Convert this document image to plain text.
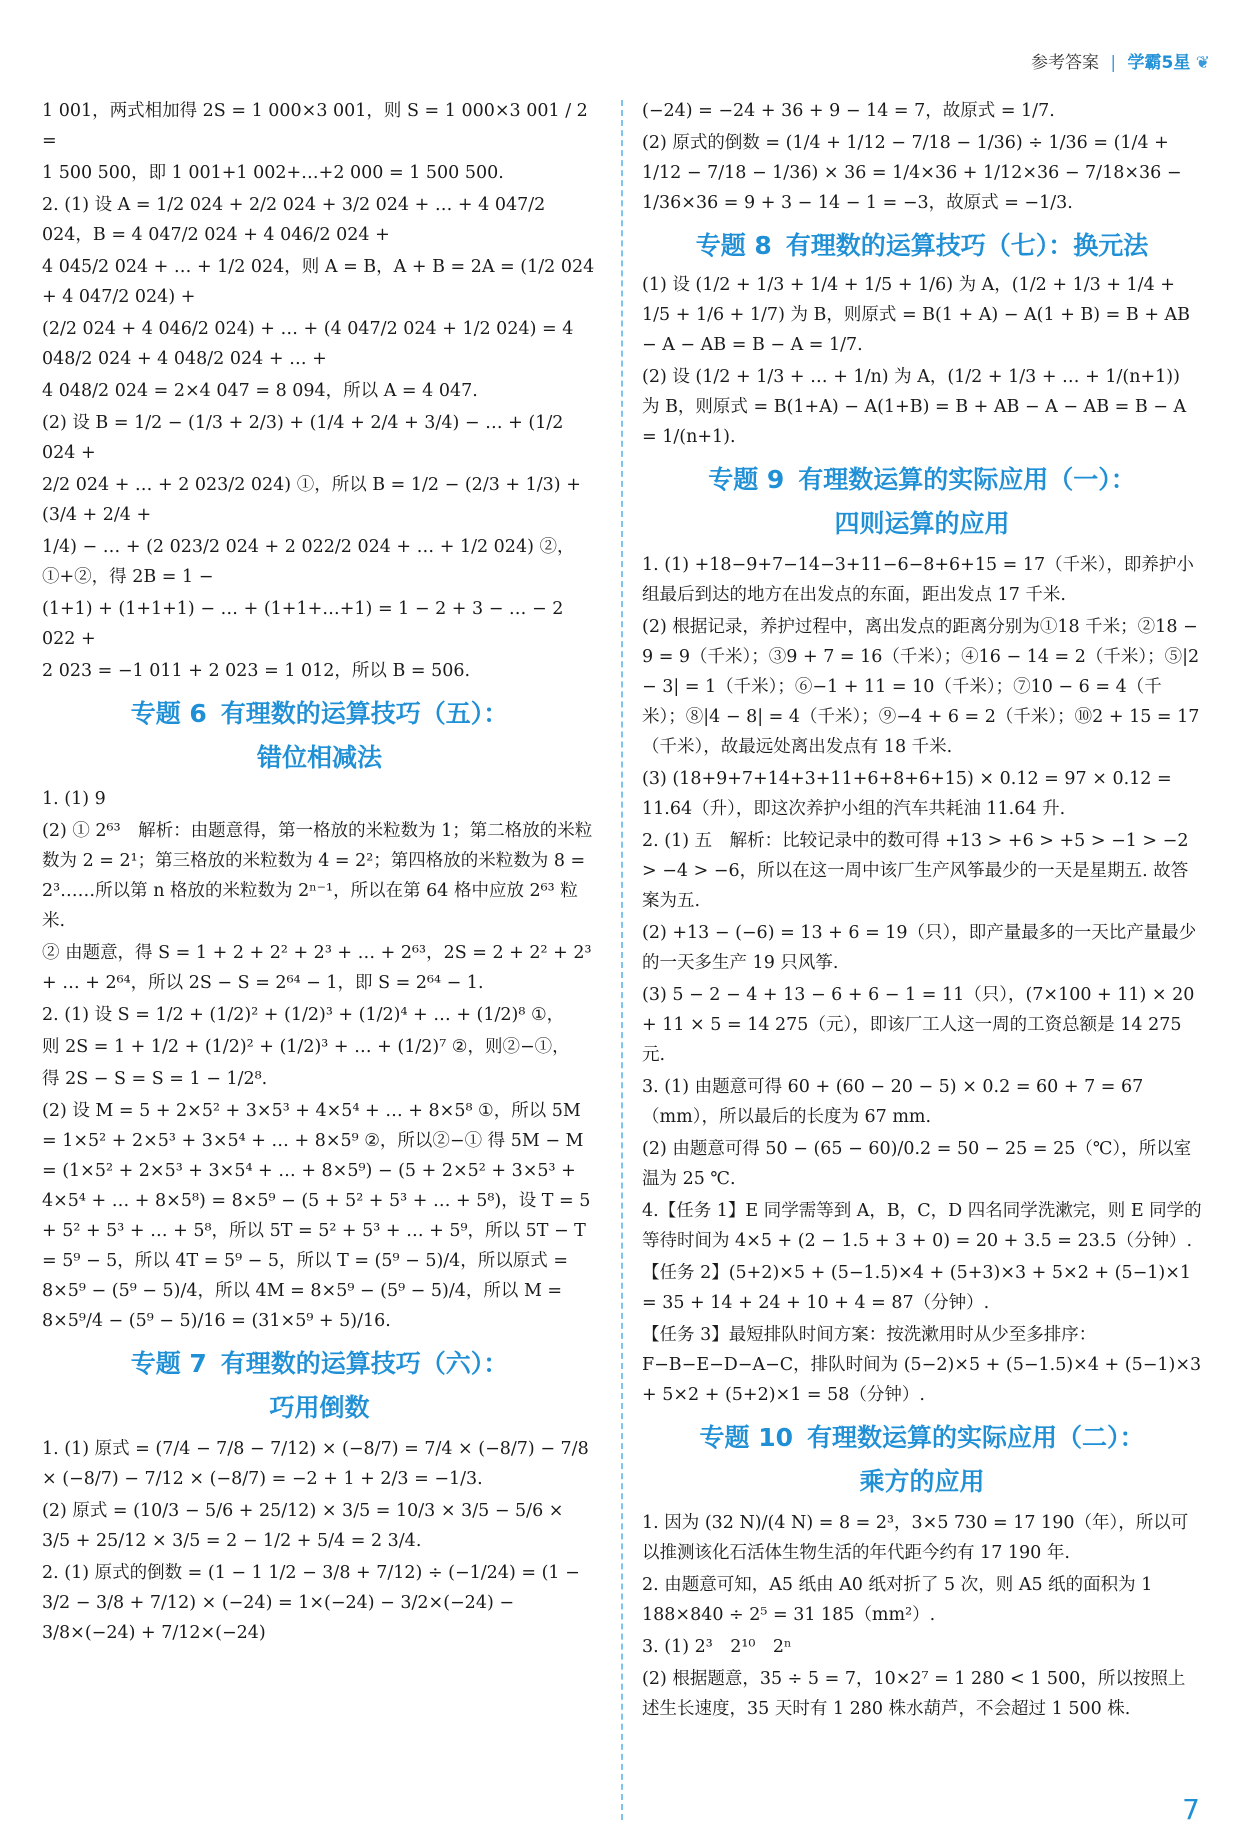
参考答案 | 学霸5星 ❦

1 001，两式相加得 2S = 1 000×3 001，则 S = 1 000×3 001 / 2 =

1 500 500，即 1 001+1 002+…+2 000 = 1 500 500.

2. (1) 设 A = 1/2 024 + 2/2 024 + 3/2 024 + … + 4 047/2 024，B = 4 047/2 024 + 4 046/2 024 +

4 045/2 024 + … + 1/2 024，则 A = B，A + B = 2A = (1/2 024 + 4 047/2 024) +

(2/2 024 + 4 046/2 024) + … + (4 047/2 024 + 1/2 024) = 4 048/2 024 + 4 048/2 024 + … +

4 048/2 024 = 2×4 047 = 8 094，所以 A = 4 047.

(2) 设 B = 1/2 − (1/3 + 2/3) + (1/4 + 2/4 + 3/4) − … + (1/2 024 +

2/2 024 + … + 2 023/2 024) ①，所以 B = 1/2 − (2/3 + 1/3) + (3/4 + 2/4 +

1/4) − … + (2 023/2 024 + 2 022/2 024 + … + 1/2 024) ②，①+②，得 2B = 1 −

(1+1) + (1+1+1) − … + (1+1+…+1) = 1 − 2 + 3 − … − 2 022 +

2 023 = −1 011 + 2 023 = 1 012，所以 B = 506.

专题 6 有理数的运算技巧（五）：
错位相减法

1. (1) 9

(2) ① 2⁶³　解析：由题意得，第一格放的米粒数为 1；第二格放的米粒数为 2 = 2¹；第三格放的米粒数为 4 = 2²；第四格放的米粒数为 8 = 2³……所以第 n 格放的米粒数为 2ⁿ⁻¹，所以在第 64 格中应放 2⁶³ 粒米.

② 由题意，得 S = 1 + 2 + 2² + 2³ + … + 2⁶³，2S = 2 + 2² + 2³ + … + 2⁶⁴，所以 2S − S = 2⁶⁴ − 1，即 S = 2⁶⁴ − 1.

2. (1) 设 S = 1/2 + (1/2)² + (1/2)³ + (1/2)⁴ + … + (1/2)⁸ ①，

则 2S = 1 + 1/2 + (1/2)² + (1/2)³ + … + (1/2)⁷ ②，则②−①，

得 2S − S = S = 1 − 1/2⁸.

(2) 设 M = 5 + 2×5² + 3×5³ + 4×5⁴ + … + 8×5⁸ ①，所以 5M = 1×5² + 2×5³ + 3×5⁴ + … + 8×5⁹ ②，所以②−① 得 5M − M = (1×5² + 2×5³ + 3×5⁴ + … + 8×5⁹) − (5 + 2×5² + 3×5³ + 4×5⁴ + … + 8×5⁸) = 8×5⁹ − (5 + 5² + 5³ + … + 5⁸)，设 T = 5 + 5² + 5³ + … + 5⁸，所以 5T = 5² + 5³ + … + 5⁹，所以 5T − T = 5⁹ − 5，所以 4T = 5⁹ − 5，所以 T = (5⁹ − 5)/4，所以原式 = 8×5⁹ − (5⁹ − 5)/4，所以 4M = 8×5⁹ − (5⁹ − 5)/4，所以 M = 8×5⁹/4 − (5⁹ − 5)/16 = (31×5⁹ + 5)/16.

专题 7 有理数的运算技巧（六）：
巧用倒数

1. (1) 原式 = (7/4 − 7/8 − 7/12) × (−8/7) = 7/4 × (−8/7) − 7/8 × (−8/7) − 7/12 × (−8/7) = −2 + 1 + 2/3 = −1/3.

(2) 原式 = (10/3 − 5/6 + 25/12) × 3/5 = 10/3 × 3/5 − 5/6 × 3/5 + 25/12 × 3/5 = 2 − 1/2 + 5/4 = 2 3/4.

2. (1) 原式的倒数 = (1 − 1 1/2 − 3/8 + 7/12) ÷ (−1/24) = (1 − 3/2 − 3/8 + 7/12) × (−24) = 1×(−24) − 3/2×(−24) − 3/8×(−24) + 7/12×(−24)

(−24) = −24 + 36 + 9 − 14 = 7，故原式 = 1/7.

(2) 原式的倒数 = (1/4 + 1/12 − 7/18 − 1/36) ÷ 1/36 = (1/4 + 1/12 − 7/18 − 1/36) × 36 = 1/4×36 + 1/12×36 − 7/18×36 − 1/36×36 = 9 + 3 − 14 − 1 = −3，故原式 = −1/3.

专题 8 有理数的运算技巧（七）：换元法

(1) 设 (1/2 + 1/3 + 1/4 + 1/5 + 1/6) 为 A，(1/2 + 1/3 + 1/4 + 1/5 + 1/6 + 1/7) 为 B，则原式 = B(1 + A) − A(1 + B) = B + AB − A − AB = B − A = 1/7.

(2) 设 (1/2 + 1/3 + … + 1/n) 为 A，(1/2 + 1/3 + … + 1/(n+1)) 为 B，则原式 = B(1+A) − A(1+B) = B + AB − A − AB = B − A = 1/(n+1).

专题 9 有理数运算的实际应用（一）：
四则运算的应用

1. (1) +18−9+7−14−3+11−6−8+6+15 = 17（千米），即养护小组最后到达的地方在出发点的东面，距出发点 17 千米.

(2) 根据记录，养护过程中，离出发点的距离分别为①18 千米；②18 − 9 = 9（千米）；③9 + 7 = 16（千米）；④16 − 14 = 2（千米）；⑤|2 − 3| = 1（千米）；⑥−1 + 11 = 10（千米）；⑦10 − 6 = 4（千米）；⑧|4 − 8| = 4（千米）；⑨−4 + 6 = 2（千米）；⑩2 + 15 = 17（千米），故最远处离出发点有 18 千米.

(3) (18+9+7+14+3+11+6+8+6+15) × 0.12 = 97 × 0.12 = 11.64（升），即这次养护小组的汽车共耗油 11.64 升.

2. (1) 五　解析：比较记录中的数可得 +13 > +6 > +5 > −1 > −2 > −4 > −6，所以在这一周中该厂生产风筝最少的一天是星期五. 故答案为五.

(2) +13 − (−6) = 13 + 6 = 19（只），即产量最多的一天比产量最少的一天多生产 19 只风筝.

(3) 5 − 2 − 4 + 13 − 6 + 6 − 1 = 11（只），(7×100 + 11) × 20 + 11 × 5 = 14 275（元），即该厂工人这一周的工资总额是 14 275 元.

3. (1) 由题意可得 60 + (60 − 20 − 5) × 0.2 = 60 + 7 = 67（mm），所以最后的长度为 67 mm.

(2) 由题意可得 50 − (65 − 60)/0.2 = 50 − 25 = 25（℃），所以室温为 25 ℃.

4.【任务 1】E 同学需等到 A，B，C，D 四名同学洗漱完，则 E 同学的等待时间为 4×5 + (2 − 1.5 + 3 + 0) = 20 + 3.5 = 23.5（分钟）.

【任务 2】(5+2)×5 + (5−1.5)×4 + (5+3)×3 + 5×2 + (5−1)×1 = 35 + 14 + 24 + 10 + 4 = 87（分钟）.

【任务 3】最短排队时间方案：按洗漱用时从少至多排序：F−B−E−D−A−C，排队时间为 (5−2)×5 + (5−1.5)×4 + (5−1)×3 + 5×2 + (5+2)×1 = 58（分钟）.

专题 10 有理数运算的实际应用（二）：
乘方的应用

1. 因为 (32 N)/(4 N) = 8 = 2³，3×5 730 = 17 190（年），所以可以推测该化石活体生物生活的年代距今约有 17 190 年.

2. 由题意可知，A5 纸由 A0 纸对折了 5 次，则 A5 纸的面积为 1 188×840 ÷ 2⁵ = 31 185（mm²）.

3. (1) 2³　2¹⁰　2ⁿ

(2) 根据题意，35 ÷ 5 = 7，10×2⁷ = 1 280 < 1 500，所以按照上述生长速度，35 天时有 1 280 株水葫芦，不会超过 1 500 株.

7
